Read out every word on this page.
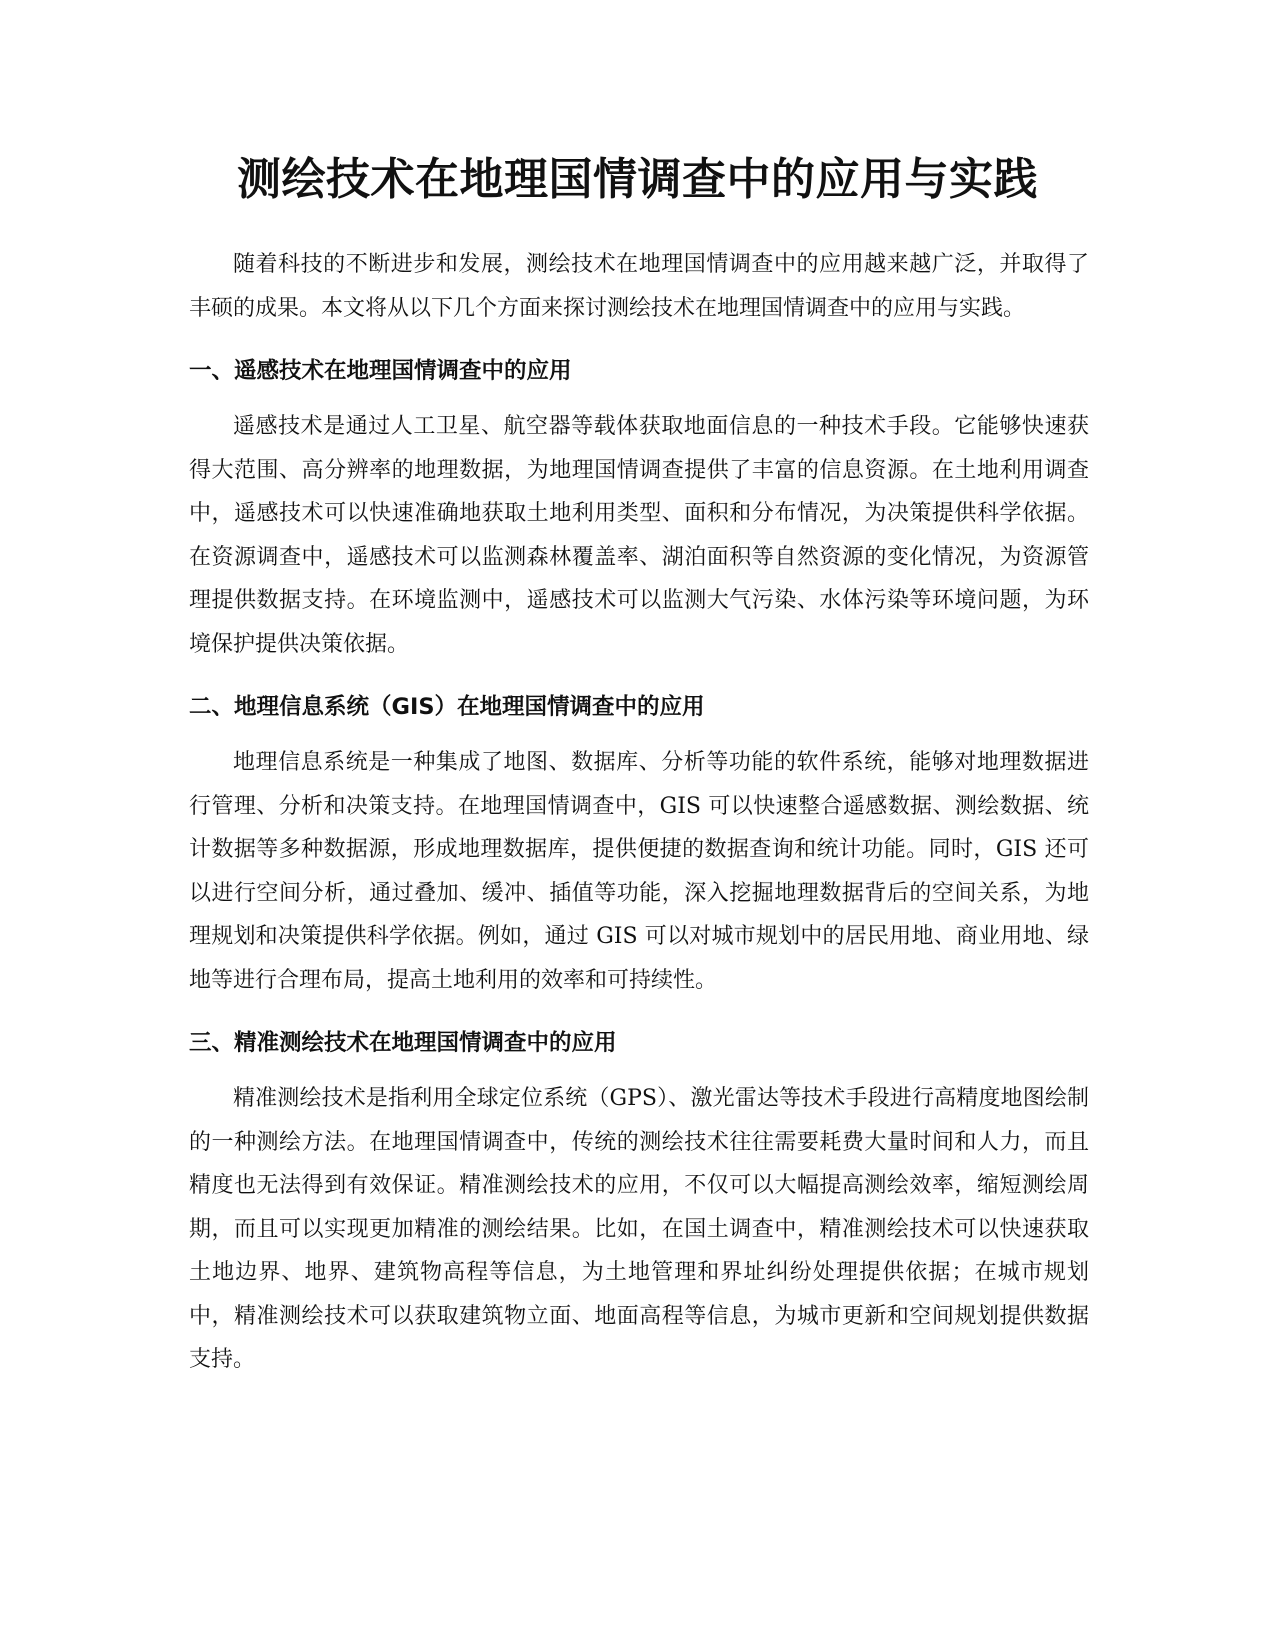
测绘技术在地理国情调查中的应用与实践

随着科技的不断进步和发展，测绘技术在地理国情调查中的应用越来越广泛，并取得了丰硕的成果。本文将从以下几个方面来探讨测绘技术在地理国情调查中的应用与实践。

一、遥感技术在地理国情调查中的应用

遥感技术是通过人工卫星、航空器等载体获取地面信息的一种技术手段。它能够快速获得大范围、高分辨率的地理数据，为地理国情调查提供了丰富的信息资源。在土地利用调查中，遥感技术可以快速准确地获取土地利用类型、面积和分布情况，为决策提供科学依据。在资源调查中，遥感技术可以监测森林覆盖率、湖泊面积等自然资源的变化情况，为资源管理提供数据支持。在环境监测中，遥感技术可以监测大气污染、水体污染等环境问题，为环境保护提供决策依据。

二、地理信息系统（GIS）在地理国情调查中的应用

地理信息系统是一种集成了地图、数据库、分析等功能的软件系统，能够对地理数据进行管理、分析和决策支持。在地理国情调查中，GIS 可以快速整合遥感数据、测绘数据、统计数据等多种数据源，形成地理数据库，提供便捷的数据查询和统计功能。同时，GIS 还可以进行空间分析，通过叠加、缓冲、插值等功能，深入挖掘地理数据背后的空间关系，为地理规划和决策提供科学依据。例如，通过 GIS 可以对城市规划中的居民用地、商业用地、绿地等进行合理布局，提高土地利用的效率和可持续性。

三、精准测绘技术在地理国情调查中的应用

精准测绘技术是指利用全球定位系统（GPS）、激光雷达等技术手段进行高精度地图绘制的一种测绘方法。在地理国情调查中，传统的测绘技术往往需要耗费大量时间和人力，而且精度也无法得到有效保证。精准测绘技术的应用，不仅可以大幅提高测绘效率，缩短测绘周期，而且可以实现更加精准的测绘结果。比如，在国土调查中，精准测绘技术可以快速获取土地边界、地界、建筑物高程等信息，为土地管理和界址纠纷处理提供依据；在城市规划中，精准测绘技术可以获取建筑物立面、地面高程等信息，为城市更新和空间规划提供数据支持。
